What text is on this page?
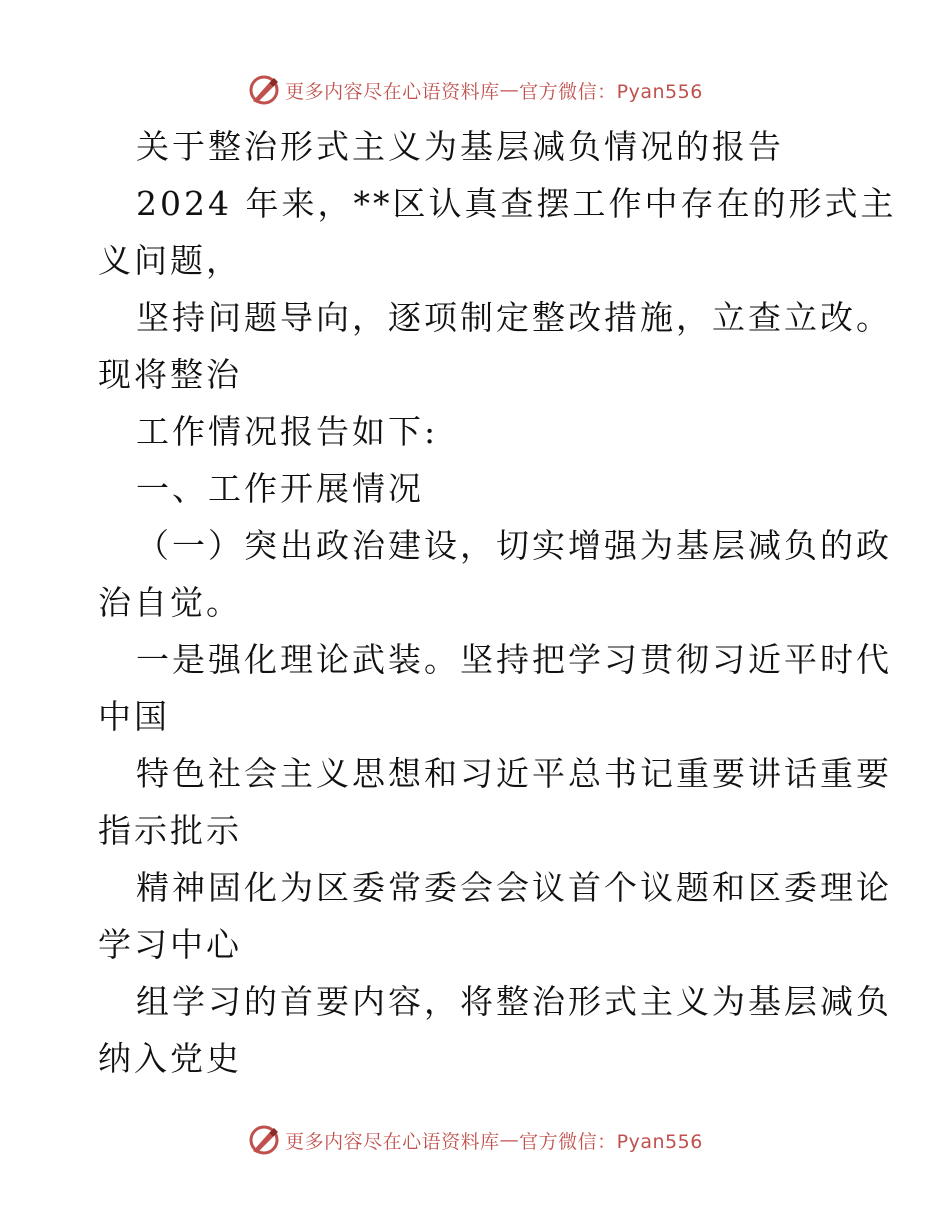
更多内容尽在心语资料库 — 官方微信：Pyan556
关于整治形式主义为基层减负情况的报告
2024 年来，**区认真查摆工作中存在的形式主
义问题，
坚持问题导向，逐项制定整改措施，立查立改。
现将整治
工作情况报告如下:
一、工作开展情况
（一）突出政治建设，切实增强为基层减负的政
治自觉。
一是强化理论武装。坚持把学习贯彻习近平时代
中国
特色社会主义思想和习近平总书记重要讲话重要
指示批示
精神固化为区委常委会会议首个议题和区委理论
学习中心
组学习的首要内容，将整治形式主义为基层减负
纳入党史
更多内容尽在心语资料库 — 官方微信：Pyan556
